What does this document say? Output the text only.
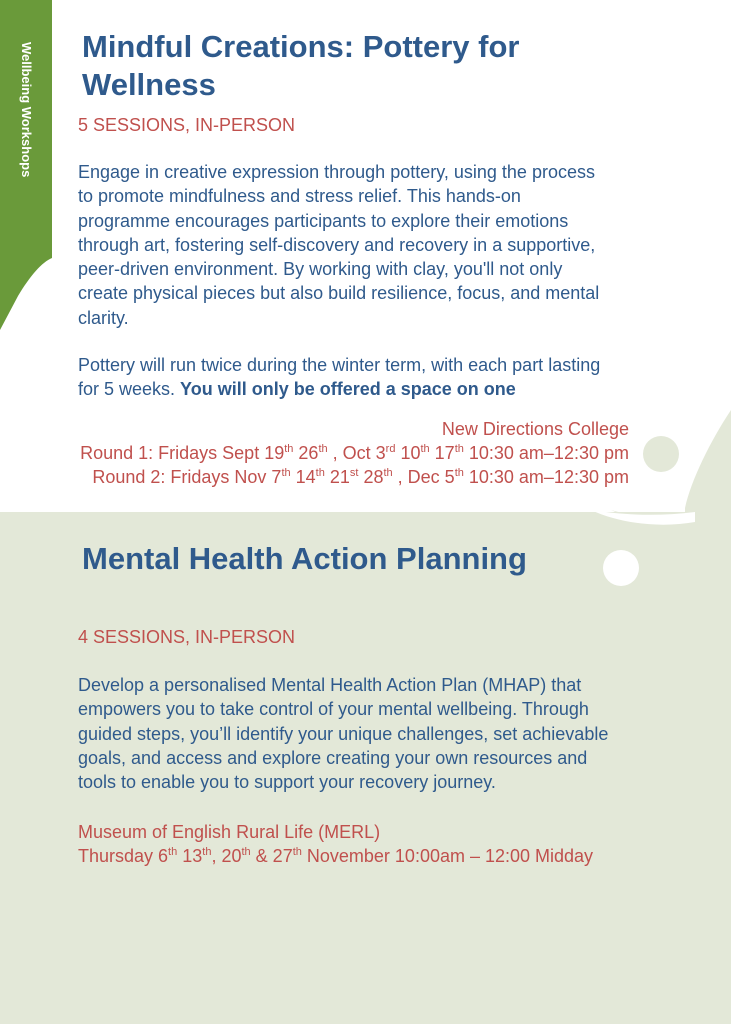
Wellbeing Workshops Mindful Creations: Pottery for
Wellness

5 SESSIONS, IN-PERSON

Engage in creative expression through pottery, using the process
to promote mindfulness and stress relief. This hands-on
programme encourages participants to explore their emotions
through art, fostering self-discovery and recovery in a supportive,
peer-driven environment. By working with clay, you'll not only
create physical pieces but also build resilience, focus, and mental
clarity.

Pottery will run twice during the winter term, with each part lasting
for 5 weeks. You will only be offered a space on one

New Directions College
Round 1: Fridays Sept 19th 26th , Oct 3rd 10th 17th 10:30 am–12:30 pm
Round 2: Fridays Nov 7th 14th 21st 28th , Dec 5th 10:30 am–12:30 pm
Mental Health Action Planning

4 SESSIONS, IN-PERSON

Develop a personalised Mental Health Action Plan (MHAP) that
empowers you to take control of your mental wellbeing. Through
guided steps, you’ll identify your unique challenges, set achievable
goals, and access and explore creating your own resources and
tools to enable you to support your recovery journey.

Museum of English Rural Life (MERL)
Thursday 6th 13th, 20th & 27th November 10:00am – 12:00 Midday
